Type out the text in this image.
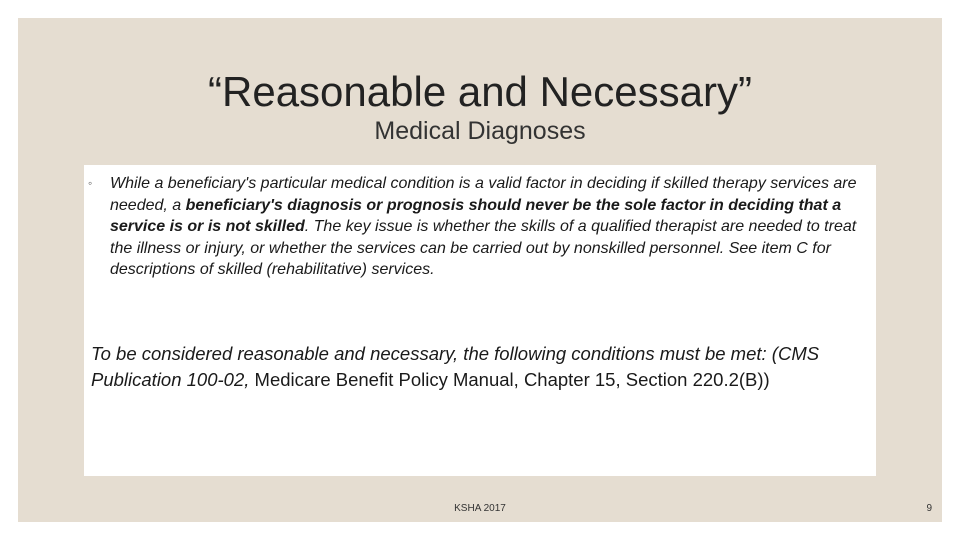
“Reasonable and Necessary”
Medical Diagnoses
◦ While a beneficiary's particular medical condition is a valid factor in deciding if skilled therapy services are needed, a beneficiary's diagnosis or prognosis should never be the sole factor in deciding that a service is or is not skilled. The key issue is whether the skills of a qualified therapist are needed to treat the illness or injury, or whether the services can be carried out by nonskilled personnel. See item C for descriptions of skilled (rehabilitative) services.
To be considered reasonable and necessary, the following conditions must be met: (CMS Publication 100-02, Medicare Benefit Policy Manual, Chapter 15, Section 220.2(B))
KSHA 2017	9
